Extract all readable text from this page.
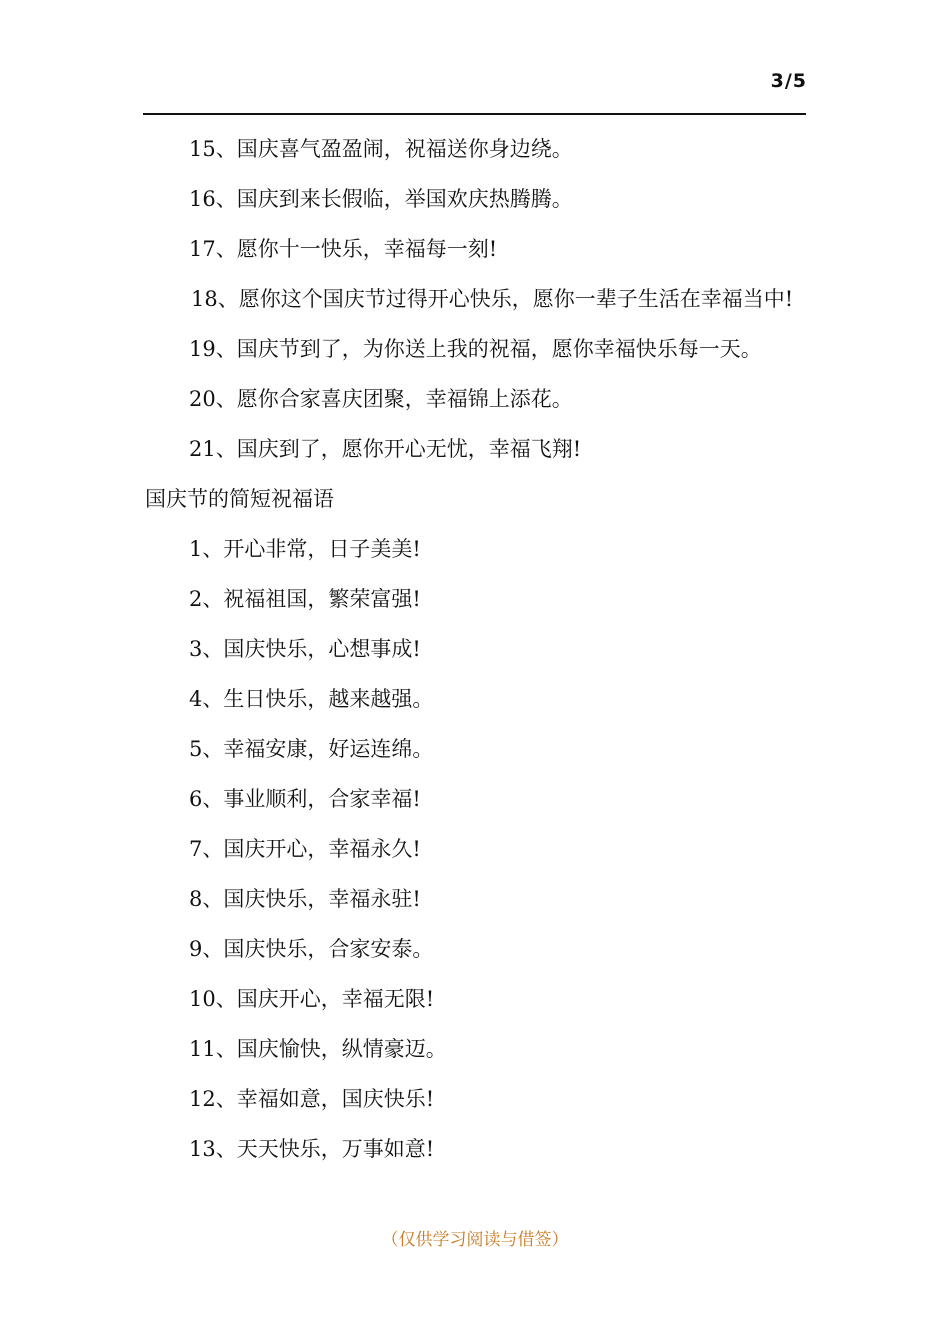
3/5
15、国庆喜气盈盈闹，祝福送你身边绕。
16、国庆到来长假临，举国欢庆热腾腾。
17、愿你十一快乐，幸福每一刻!
18、愿你这个国庆节过得开心快乐，愿你一辈子生活在幸福当中!
19、国庆节到了，为你送上我的祝福，愿你幸福快乐每一天。
20、愿你合家喜庆团聚，幸福锦上添花。
21、国庆到了，愿你开心无忧，幸福飞翔!
国庆节的简短祝福语
1、开心非常，日子美美!
2、祝福祖国，繁荣富强!
3、国庆快乐，心想事成!
4、生日快乐，越来越强。
5、幸福安康，好运连绵。
6、事业顺利，合家幸福!
7、国庆开心，幸福永久!
8、国庆快乐，幸福永驻!
9、国庆快乐，合家安泰。
10、国庆开心，幸福无限!
11、国庆愉快，纵情豪迈。
12、幸福如意，国庆快乐!
13、天天快乐，万事如意!
（仅供学习阅读与借签）
